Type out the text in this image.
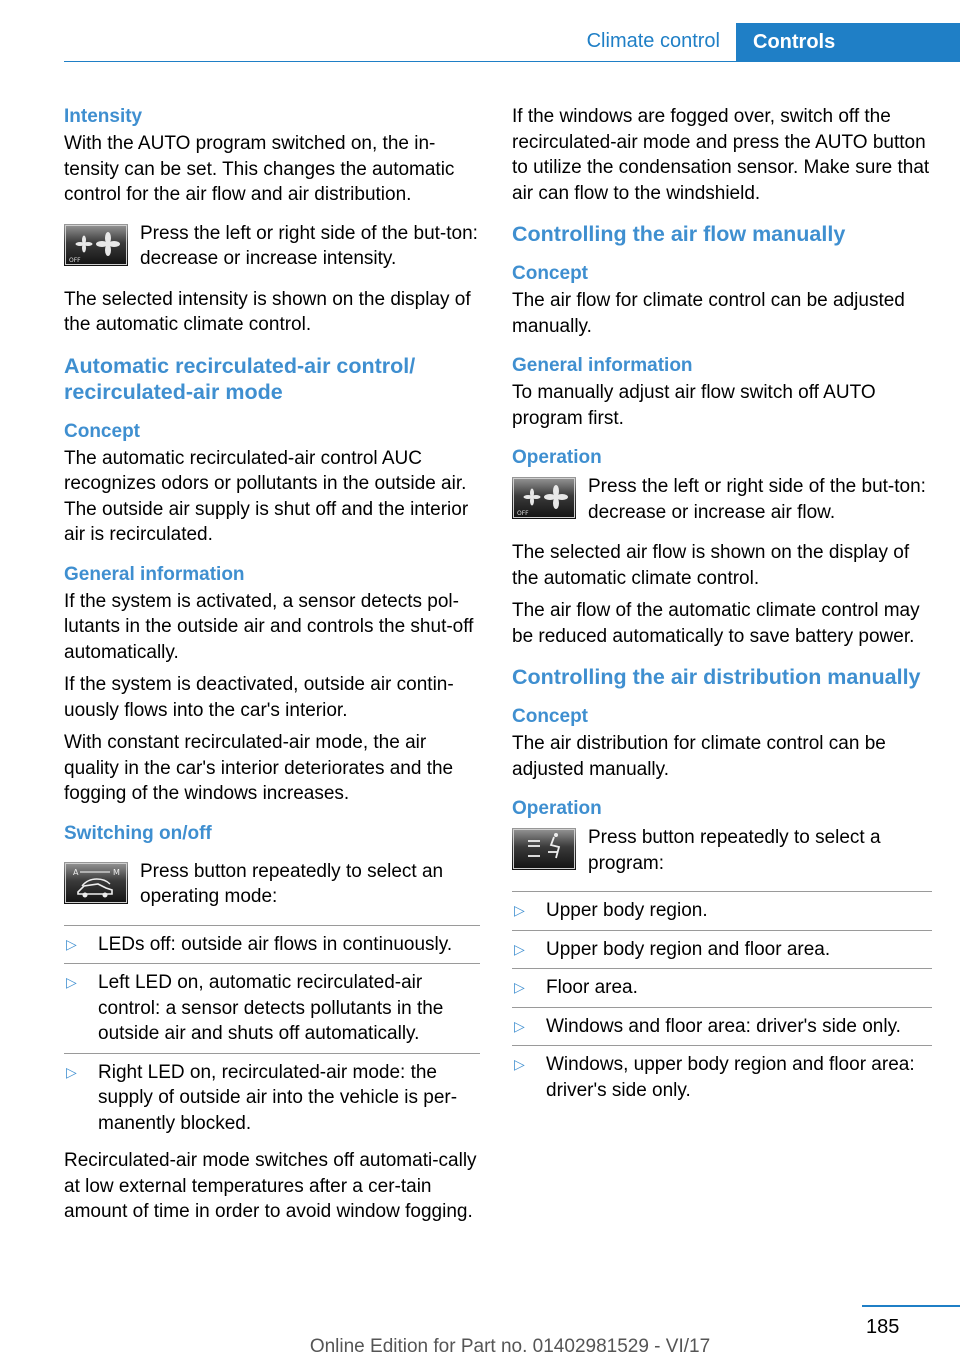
Climate control	Controls
Intensity

With the AUTO program switched on, the in‐tensity can be set. This changes the automatic control for the air flow and air distribution.

OFF
Press the left or right side of the but‐ton: decrease or increase intensity.

The selected intensity is shown on the display of the automatic climate control.

Automatic recirculated-air control/ recirculated-air mode
Concept

The automatic recirculated-air control AUC recognizes odors or pollutants in the outside air. The outside air supply is shut off and the interior air is recirculated.

General information

If the system is activated, a sensor detects pol‐lutants in the outside air and controls the shut‐off automatically.

If the system is deactivated, outside air contin‐uously flows into the car's interior.

With constant recirculated-air mode, the air quality in the car's interior deteriorates and the fogging of the windows increases.

Switching on/off
A	M Press button repeatedly to select an operating mode:
▷	LEDs off: outside air flows in continuously.
▷	Left LED on, automatic recirculated-air control: a sensor detects pollutants in the outside air and shuts off automatically.
▷	Right LED on, recirculated-air mode: the supply of outside air into the vehicle is per‐manently blocked.

Recirculated-air mode switches off automati‐cally at low external temperatures after a cer‐tain amount of time in order to avoid window fogging.

If the windows are fogged over, switch off the recirculated-air mode and press the AUTO button to utilize the condensation sensor. Make sure that air can flow to the windshield.

Controlling the air flow manually
Concept

The air flow for climate control can be adjusted manually.

General information

To manually adjust air flow switch off AUTO program first.

Operation
OFF
Press the left or right side of the but‐ton: decrease or increase air flow.

The selected air flow is shown on the display of the automatic climate control.

The air flow of the automatic climate control may be reduced automatically to save battery power.

Controlling the air distribution manually
Concept

The air distribution for climate control can be adjusted manually.

Operation
Press button repeatedly to select a program:
▷	Upper body region.
▷	Upper body region and floor area.
▷	Floor area.
▷	Windows and floor area: driver's side only.
▷	Windows, upper body region and floor area: driver's side only.
185
Online Edition for Part no. 01402981529 - VI/17
